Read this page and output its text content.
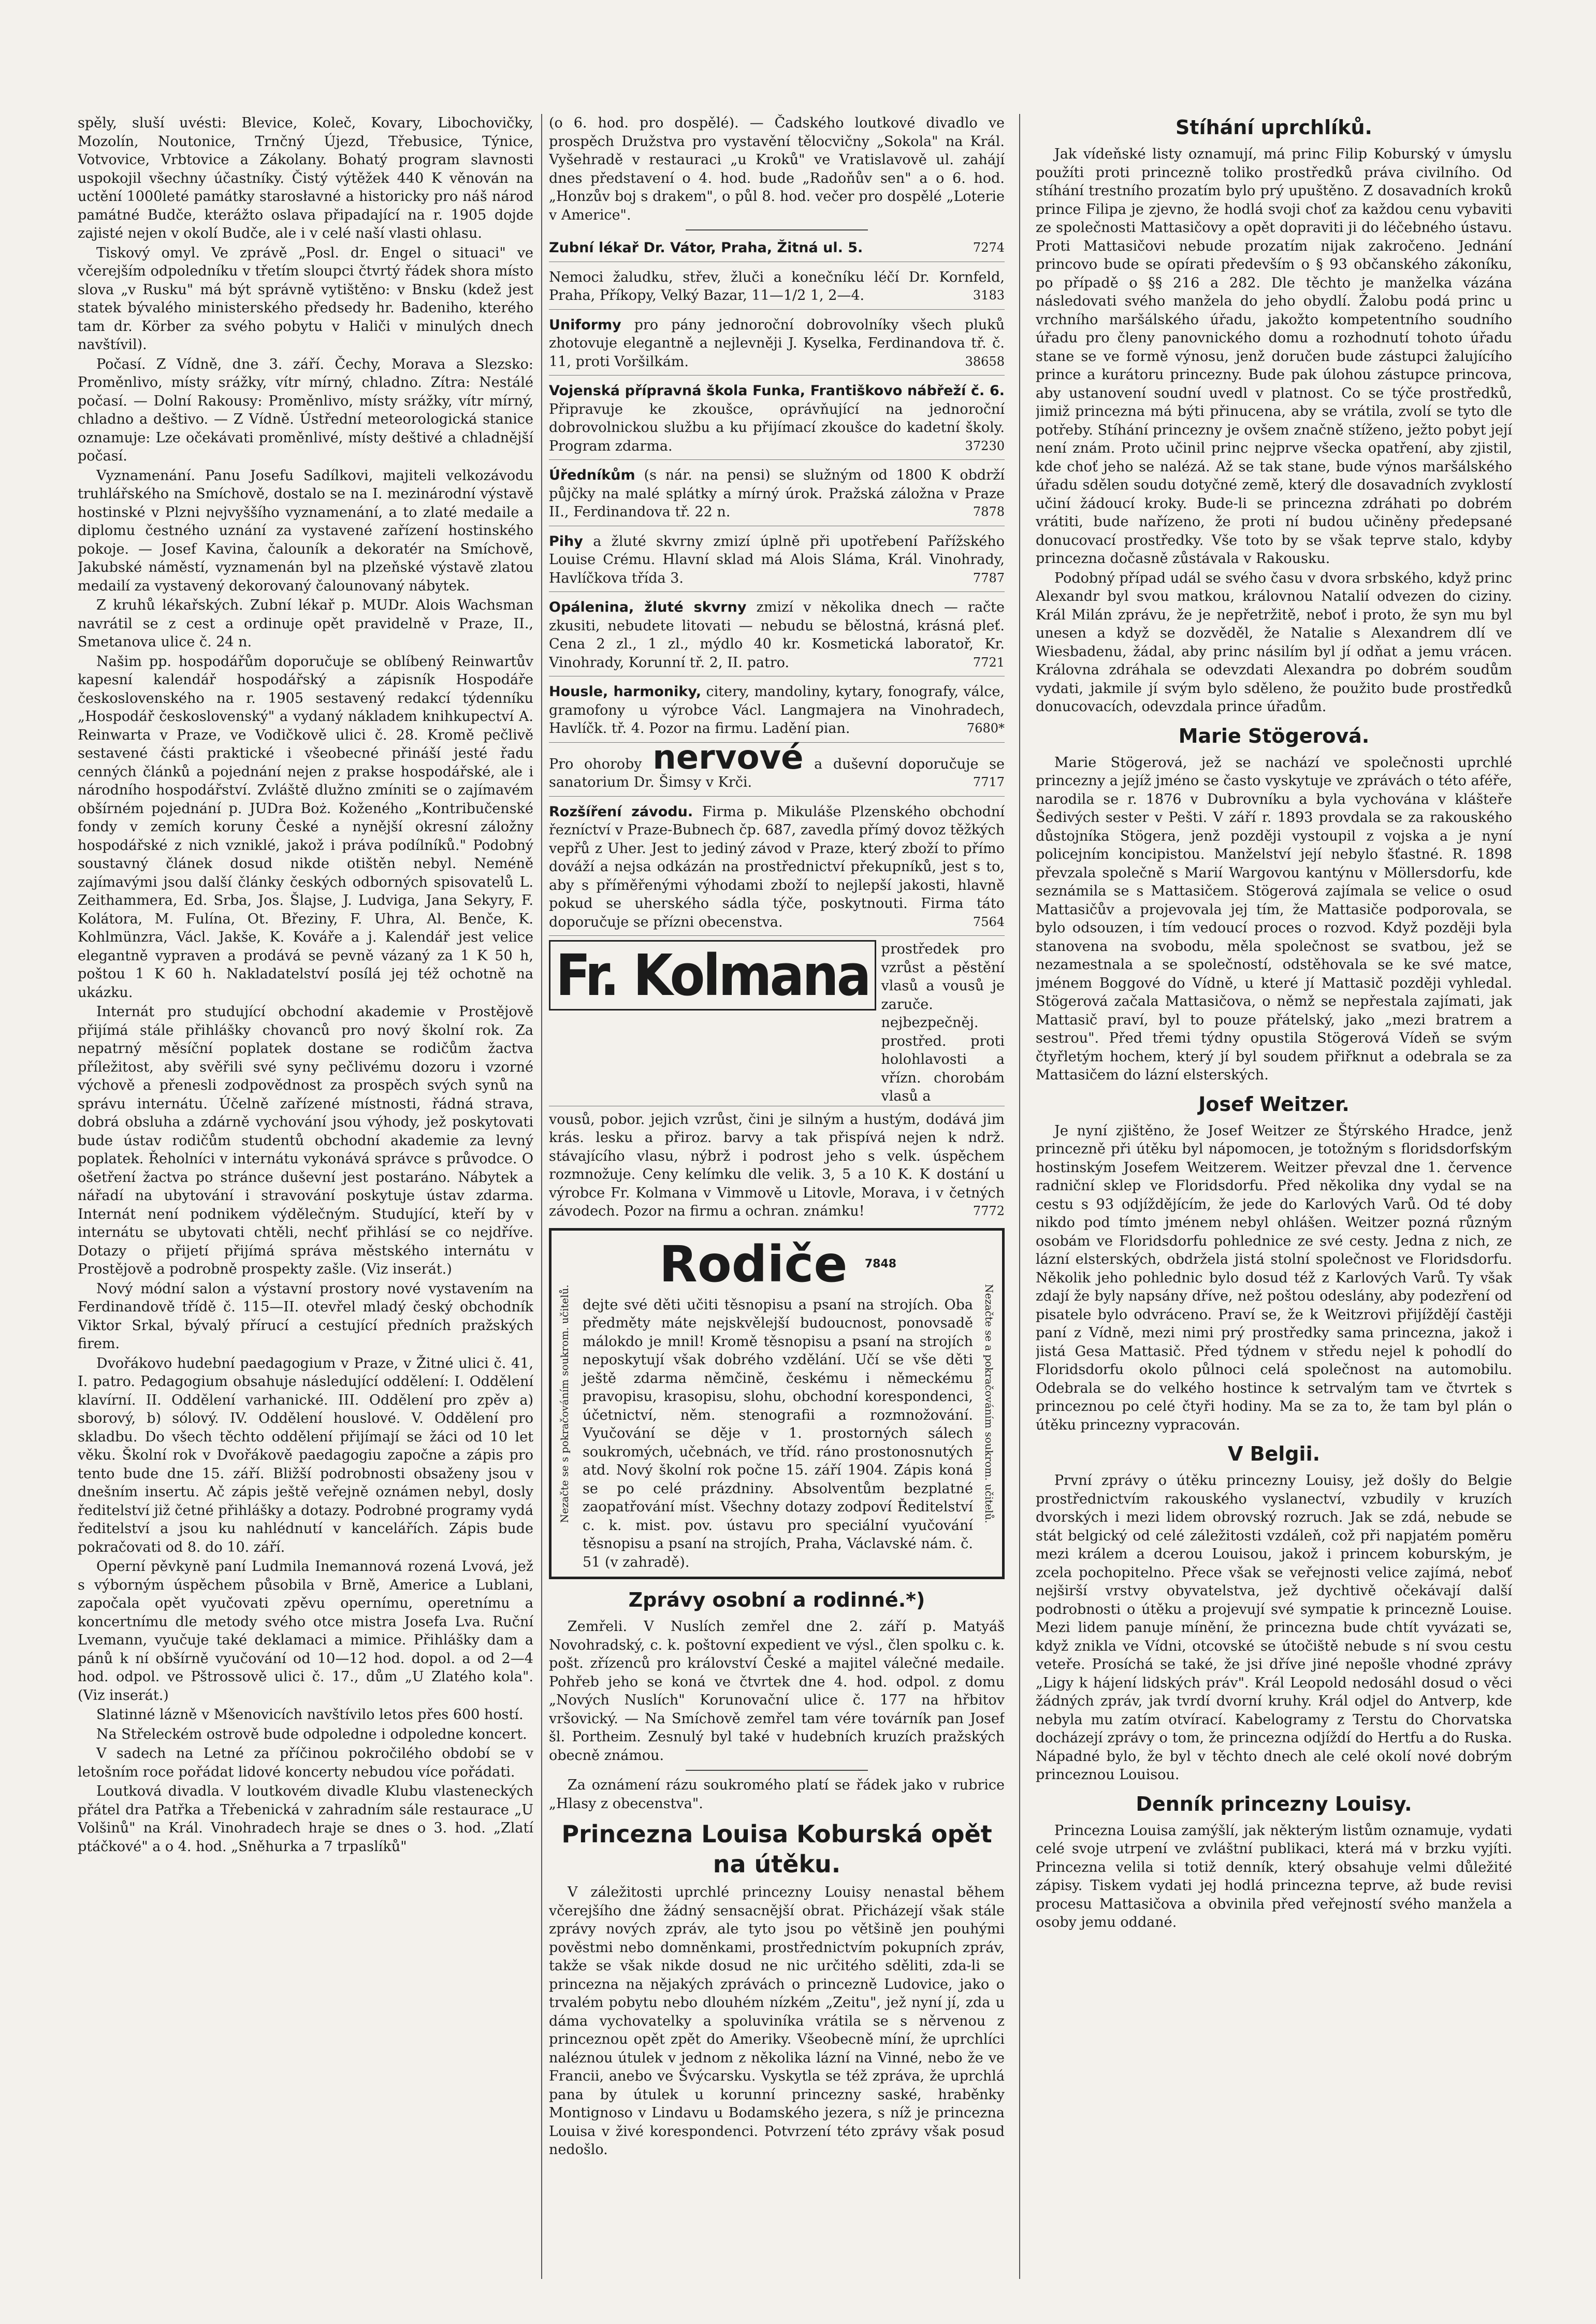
spěly, sluší uvésti: Blevice, Koleč, Kovary, Libochovičky, Mozolín, Noutonice, Trnčný Újezd, Třebusice, Týnice, Votvovice, Vrbtovice a Zákolany. Bohatý program slavnosti uspokojil všechny účastníky. Čistý výtěžek 440 K věnován na uctění 1000leté památky starosłavné a historicky pro náš národ památné Budče, kterážto oslava připadající na r. 1905 dojde zajisté nejen v okolí Budče, ale i v celé naší vlasti ohlasu.

Tiskový omyl. Ve zprávě „Posl. dr. Engel o situaci" ve včerejším odpoledníku v třetím sloupci čtvrtý řádek shora místo slova „v Rusku" má být správně vytištěno: v Bnsku (kdež jest statek bývalého ministerského předsedy hr. Badeniho, kterého tam dr. Körber za svého pobytu v Haliči v minulých dnech navštívil).

Počasí. Z Vídně, dne 3. září. Čechy, Morava a Slezsko: Proměnlivo, místy srážky, vítr mírný, chladno. Zítra: Nestálé počasí. — Dolní Rakousy: Proměnlivo, místy srážky, vítr mírný, chladno a deštivo. — Z Vídně. Ústřední meteorologická stanice oznamuje: Lze očekávati proměnlivé, místy deštivé a chladnější počasí.

Vyznamenání. Panu Josefu Sadílkovi, majiteli velkozávodu truhlářského na Smíchově, dostalo se na I. mezinárodní výstavě hostinské v Plzni nejvyššího vyznamenání, a to zlaté medaile a diplomu čestného uznání za vystavené zařízení hostinského pokoje. — Josef Kavina, čalouník a dekoratér na Smíchově, Jakubské náměstí, vyznamenán byl na plzeňské výstavě zlatou medailí za vystavený dekorovaný čalounovaný nábytek.

Z kruhů lékařských. Zubní lékař p. MUDr. Alois Wachsman navrátil se z cest a ordinuje opět pravidelně v Praze, II., Smetanova ulice č. 24 n.

Našim pp. hospodářům doporučuje se oblíbený Reinwartův kapesní kalendář hospodářský a zápisník Hospodáře československého na r. 1905 sestavený redakcí týdenníku „Hospodář československý" a vydaný nákladem knihkupectví A. Reinwarta v Praze, ve Vodičkově ulici č. 28. Kromě pečlivě sestavené části praktické i všeobecné přináší jesté řadu cenných článků a pojednání nejen z prakse hospodářské, ale i národního hospodářství. Zvláště dlužno zmíniti se o zajímavém obšírném pojednání p. JUDra Boż. Koženého „Kontribučenské fondy v zemích koruny České a nynější okresní záložny hospodářské z nich vzniklé, jakož i práva podílníků." Podobný soustavný článek dosud nikde otištěn nebyl. Neméně zajímavými jsou další články českých odborných spisovatelů L. Zeithammera, Ed. Srba, Jos. Šlajse, J. Ludviga, Jana Sekyry, F. Kolátora, M. Fulína, Ot. Březiny, F. Uhra, Al. Benče, K. Kohlmünzra, Václ. Jakše, K. Kováře a j. Kalendář jest velice elegantně vypraven a prodává se pevně vázaný za 1 K 50 h, poštou 1 K 60 h. Nakladatelství posílá jej též ochotně na ukázku.

Internát pro studující obchodní akademie v Prostějově přijímá stále přihlášky chovanců pro nový školní rok. Za nepatrný měsíční poplatek dostane se rodičům žactva příležitost, aby svěřili své syny pečlivému dozoru i vzorné výchově a přenesli zodpovědnost za prospěch svých synů na správu internátu. Účelně zařízené místnosti, řádná strava, dobrá obsluha a zdárně vychování jsou výhody, jež poskytovati bude ústav rodičům studentů obchodní akademie za levný poplatek. Řeholníci v internátu vykonává správce s průvodce. O ošetření žactva po stránce duševní jest postaráno. Nábytek a nářadí na ubytování i stravování poskytuje ústav zdarma. Internát není podnikem výdělečným. Studující, kteří by v internátu se ubytovati chtěli, nechť přihlásí se co nejdříve. Dotazy o přijetí přijímá správa městského internátu v Prostějově a podrobně prospekty zašle. (Viz inserát.)

Nový módní salon a výstavní prostory nové vystavením na Ferdinandově třídě č. 115—II. otevřel mladý český obchodník Viktor Srkal, bývalý přírucí a cestující předních pražských firem.

Dvořákovo hudební paedagogium v Praze, v Žitné ulici č. 41, I. patro. Pedagogium obsahuje následující oddělení: I. Oddělení klavírní. II. Oddělení varhanické. III. Oddělení pro zpěv a) sborový, b) sólový. IV. Oddělení houslové. V. Oddělení pro skladbu. Do všech těchto oddělení přijímají se žáci od 10 let věku. Školní rok v Dvořákově paedagogiu započne a zápis pro tento bude dne 15. září. Bližší podrobnosti obsaženy jsou v dnešním insertu. Ač zápis ještě veřejně oznámen nebyl, dosly ředitelství již četné přihlášky a dotazy. Podrobné programy vydá ředitelství a jsou ku nahlédnutí v kancelářích. Zápis bude pokračovati od 8. do 10. září.

Operní pěvkyně paní Ludmila Inemannová rozená Lvová, jež s výborným úspěchem působila v Brně, Americe a Lublani, započala opět vyučovati zpěvu opernímu, operetnímu a koncertnímu dle metody svého otce mistra Josefa Lva. Ruční Lvemann, vyučuje také deklamaci a mimice. Přihlášky dam a pánů k ní obšírně vyučování od 10—12 hod. dopol. a od 2—4 hod. odpol. ve Pštrossově ulici č. 17., dům „U Zlatého kola". (Viz inserát.)

Slatinné lázně v Mšenovicích navštívilo letos přes 600 hostí.

Na Střeleckém ostrově bude odpoledne i odpoledne koncert.

V sadech na Letné za příčinou pokročilého období se v letošním roce pořádat lidové koncerty nebudou více pořádati.

Loutková divadla. V loutkovém divadle Klubu vlasteneckých přátel dra Patřka a Třebenická v zahradním sále restaurace „U Volšinů" na Král. Vinohradech hraje se dnes o 3. hod. „Zlatí ptáčkové" a o 4. hod. „Sněhurka a 7 trpaslíků"

(o 6. hod. pro dospělé). — Čadského loutkové divadlo ve prospěch Družstva pro vystavění tělocvičny „Sokola" na Král. Vyšehradě v restauraci „u Kroků" ve Vratislavově ul. zahájí dnes představení o 4. hod. bude „Radoňův sen" a o 6. hod. „Honzův boj s drakem", o půl 8. hod. večer pro dospělé „Loterie v Americe".

Zubní lékař Dr. Vátor, Praha, Žitná ul. 5.	7274
Nemoci žaludku, střev, žluči a konečníku léčí Dr. Kornfeld, Praha, Příkopy, Velký Bazar, 11—1/2 1, 2—4.	3183
Uniformy pro pány jednoroční dobrovolníky všech pluků zhotovuje elegantně a nejlevněji J. Kyselka, Ferdinandova tř. č. 11, proti Voršilkám.	38658
Vojenská přípravná škola Funka, Františkovo nábřeží č. 6. Připravuje ke zkoušce, oprávňující na jednoroční dobrovolnickou službu a ku přijímací zkoušce do kadetní školy. Program zdarma.	37230
Úředníkům (s nár. na pensi) se služným od 1800 K obdrží půjčky na malé splátky a mírný úrok. Pražská záložna v Praze II., Ferdinandova tř. 22 n.	7878
Pihy a žluté skvrny zmizí úplně při upotřebení Pařížského Louise Crému. Hlavní sklad má Alois Sláma, Král. Vinohrady, Havlíčkova třída 3.	7787
Opálenina, žluté skvrny zmizí v několika dnech — račte zkusiti, nebudete litovati — nebudu se bělostná, krásná pleť. Cena 2 zl., 1 zl., mýdlo 40 kr. Kosmetická laboratoř, Kr. Vinohrady, Korunní tř. 2, II. patro.	7721
Housle, harmoniky, citery, mandoliny, kytary, fonografy, válce, gramofony u výrobce Václ. Langmajera na Vinohradech, Havlíčk. tř. 4. Pozor na firmu. Ladění pian.	7680*
Pro ohoroby nervové a duševní doporučuje se sanatorium Dr. Šimsy v Krči.	7717
Rozšíření závodu. Firma p. Mikuláše Plzenského obchodní řezníctví v Praze-Bubnech čp. 687, zavedla přímý dovoz těžkých vepřů z Uher. Jest to jediný závod v Praze, který zboží to přímo dováží a nejsa odkázán na prostřednictví překupníků, jest s to, aby s příměřenými výhodami zboží to nejlepší jakosti, hlavně pokud se uherského sádla týče, poskytnouti. Firma táto doporučuje se přízni obecenstva.	7564
Fr. Kolmana prostředek pro vzrůst a pěstění vlasů a vousů je zaruče. nejbezpečněj. prostřed. proti holohlavosti a vřízn. chorobám vlasů a

vousů, pobor. jejich vzrůst, čini je silným a hustým, dodává jim krás. lesku a přiroz. barvy a tak přispívá nejen k ndrž. stávajícího vlasu, nýbrž i podrost jeho s velk. úspěchem rozmnožuje. Ceny kelímku dle velik. 3, 5 a 10 K. K dostání u výrobce Fr. Kolmana v Vimmově u Litovle, Morava, i v četných závodech. Pozor na firmu a ochran. známku!	7772

Nezačte se s pokračováním soukrom. učitelů.	Nezačte se a pokračováním soukrom. učitelů.
Rodiče $^{7848}$
dejte své děti učiti těsnopisu a psaní na strojích. Oba předměty máte nejskvělejší budoucnost, ponovsadě málokdo je mnil! Kromě těsnopisu a psaní na strojích neposkytují však dobrého vzdělání. Učí se vše děti ještě zdarma němčině, českému i německému pravopisu, krasopisu, slohu, obchodní korespondenci, účetnictví, něm. stenografii a rozmnožování. Vyučování se děje v 1. prostorných sálech soukromých, učebnách, ve tříd. ráno prostonosnutých atd. Nový školní rok počne 15. září 1904. Zápis koná se po celé prázdniny. Absolventům bezplatné zaopatřování míst. Všechny dotazy zodpoví Ředitelství c. k. mist. pov. ústavu pro speciální vyučování těsnopisu a psaní na strojích, Praha, Václavské nám. č. 51 (v zahradě).
Zprávy osobní a rodinné.*)

Zemřeli. V Nuslích zemřel dne 2. září p. Matyáš Novohradský, c. k. poštovní expedient ve výsl., člen spolku c. k. pošt. zřízenců pro království České a majitel válečné medaile. Pohřeb jeho se koná ve čtvrtek dne 4. hod. odpol. z domu „Nových Nuslích" Korunovační ulice č. 177 na hřbitov vršovický. — Na Smíchově zemřel tam vére továrník pan Josef šl. Portheim. Zesnulý byl také v hudebních kruzích pražských obecně známou.

Za oznámení rázu soukromého platí se řádek jako v rubrice „Hlasy z obecenstva".

Princezna Louisa Koburská opět na útěku.

V záležitosti uprchlé princezny Louisy nenastal během včerejšího dne žádný sensacnější obrat. Přicházejí však stále zprávy nových zpráv, ale tyto jsou po většině jen pouhými pověstmi nebo domněnkami, prostřednictvím pokupních zpráv, takže se však nikde dosud ne nic určitého sděliti, zda-li se princezna na nějakých zprávách o princezně Ludovice, jako o trvalém pobytu nebo dlouhém nízkém „Zeitu", jež nyní jí, zda u dáma vychovatelky a spoluviníka vrátila se s něrvenou z princeznou opět zpět do Ameriky. Všeobecně míní, že uprchlíci naléznou útulek v jednom z několika lázní na Vinné, nebo že ve Francii, anebo ve Švýcarsku. Vyskytla se též zpráva, že uprchlá pana by útulek u korunní princezny saské, hraběnky Montignoso v Lindavu u Bodamského jezera, s níž je princezna Louisa v živé korespondenci. Potvrzení této zprávy však posud nedošlo.

Stíhání uprchlíků.

Jak vídeňské listy oznamují, má princ Filip Koburský v úmyslu použíti proti princezně toliko prostředků práva civilního. Od stíhání trestního prozatím bylo prý upuštěno. Z dosavadních kroků prince Filipa je zjevno, že hodlá svoji choť za každou cenu vybaviti ze společnosti Mattasičovy a opět dopraviti ji do léčebného ústavu. Proti Mattasičovi nebude prozatím nijak zakročeno. Jednání princovo bude se opírati především o § 93 občanského zákoníku, po případě o §§ 216 a 282. Dle těchto je manželka vázána následovati svého manžela do jeho obydlí. Žalobu podá princ u vrchního maršálského úřadu, jakožto kompetentního soudního úřadu pro členy panovnického domu a rozhodnutí tohoto úřadu stane se ve formě výnosu, jenž doručen bude zástupci žalujícího prince a kurátoru princezny. Bude pak úlohou zástupce princova, aby ustanovení soudní uvedl v platnost. Co se týče prostředků, jimiž princezna má býti přinucena, aby se vrátila, zvolí se tyto dle potřeby. Stíhání princezny je ovšem značně stíženo, ježto pobyt její není znám. Proto učinil princ nejprve všecka opatření, aby zjistil, kde choť jeho se nalézá. Až se tak stane, bude výnos maršálského úřadu sdělen soudu dotyčné země, který dle dosavadních zvyklostí učiní žádoucí kroky. Bude-li se princezna zdráhati po dobrém vrátiti, bude nařízeno, že proti ní budou učiněny předepsané donucovací prostředky. Vše toto by se však teprve stalo, kdyby princezna dočasně zůstávala v Rakousku.

Podobný případ udál se svého času v dvora srbského, když princ Alexandr byl svou matkou, královnou Natalií odvezen do ciziny. Král Milán zprávu, že je nepřetržitě, neboť i proto, že syn mu byl unesen a když se dozvěděl, že Natalie s Alexandrem dlí ve Wiesbadenu, žádal, aby princ násilím byl jí odňat a jemu vrácen. Královna zdráhala se odevzdati Alexandra po dobrém soudům vydati, jakmile jí svým bylo sděleno, že použito bude prostředků donucovacích, odevzdala prince úřadům.

Marie Stögerová.

Marie Stögerová, jež se nachází ve společnosti uprchlé princezny a jejíž jméno se často vyskytuje ve zprávách o této aféře, narodila se r. 1876 v Dubrovníku a byla vychována v klášteře Šedivých sester v Pešti. V září r. 1893 provdala se za rakouského důstojníka Stögera, jenž později vystoupil z vojska a je nyní policejním koncipistou. Manželství její nebylo šťastné. R. 1898 převzala společně s Marií Wargovou kantýnu v Möllersdorfu, kde seznámila se s Mattasičem. Stögerová zajímala se velice o osud Mattasičův a projevovala jej tím, že Mattasiče podporovala, se bylo odsouzen, i tím vedoucí proces o rozvod. Když později byla stanovena na svobodu, měla společnost se svatbou, jež se nezamestnala a se společností, odstěhovala se ke své matce, jménem Boggové do Vídně, u které jí Mattasič později vyhledal. Stögerová začala Mattasičova, o němž se nepřestala zajímati, jak Mattasič praví, byl to pouze přátelský, jako „mezi bratrem a sestrou". Před třemi týdny opustila Stögerová Vídeň se svým čtyřletým hochem, který jí byl soudem přiřknut a odebrala se za Mattasičem do lázní elsterských.

Josef Weitzer.

Je nyní zjištěno, že Josef Weitzer ze Štýrského Hradce, jenž princezně při útěku byl nápomocen, je totožným s floridsdorfským hostinským Josefem Weitzerem. Weitzer převzal dne 1. července radniční sklep ve Floridsdorfu. Před několika dny vydal se na cestu s 93 odjíždějícím, že jede do Karlových Varů. Od té doby nikdo pod tímto jménem nebyl ohlášen. Weitzer pozná různým osobám ve Floridsdorfu pohlednice ze své cesty. Jedna z nich, ze lázní elsterských, obdržela jistá stolní společnost ve Floridsdorfu. Několik jeho pohlednic bylo dosud též z Karlových Varů. Ty však zdají že byly napsány dříve, než poštou odeslány, aby podezření od pisatele bylo odvráceno. Praví se, že k Weitzrovi přijíždějí častěji paní z Vídně, mezi nimi prý prostředky sama princezna, jakož i jistá Gesa Mattasič. Před týdnem v středu nejel k pohodlí do Floridsdorfu okolo půlnoci celá společnost na automobilu. Odebrala se do velkého hostince k setrvalým tam ve čtvrtek s princeznou po celé čtyři hodiny. Ma se za to, že tam byl plán o útěku princezny vypracován.

V Belgii.

První zprávy o útěku princezny Louisy, jež došly do Belgie prostřednictvím rakouského vyslanectví, vzbudily v kruzích dvorských i mezi lidem obrovský rozruch. Jak se zdá, nebude se stát belgický od celé záležitosti vzdáleň, což při napjatém poměru mezi králem a dcerou Louisou, jakož i princem koburským, je zcela pochopitelno. Přece však se veřejnosti velice zajímá, neboť nejširší vrstvy obyvatelstva, jež dychtivě očekávají další podrobnosti o útěku a projevují své sympatie k princezně Louise. Mezi lidem panuje mínění, že princezna bude chtít vyvázati se, když znikla ve Vídni, otcovské se útočiště nebude s ní svou cestu veteře. Prosíchá se také, že jsi dříve jiné nepošle vhodné zprávy „Ligy k hájení lidských práv". Král Leopold nedosáhl dosud o věci žádných zpráv, jak tvrdí dvorní kruhy. Král odjel do Antverp, kde nebyla mu zatím otvírací. Kabelogramy z Terstu do Chorvatska docházejí zprávy o tom, že princezna odjíždí do Hertfu a do Ruska. Nápadné bylo, že byl v těchto dnech ale celé okolí nové dobrým princeznou Louisou.

Denník princezny Louisy.

Princezna Louisa zamýšlí, jak některým listům oznamuje, vydati celé svoje utrpení ve zvláštní publikaci, která má v brzku vyjíti. Princezna velila si totiž denník, který obsahuje velmi důležité zápisy. Tiskem vydati jej hodlá princezna teprve, až bude revisi procesu Mattasičova a obvinila před veřejností svého manžela a osoby jemu oddané.
